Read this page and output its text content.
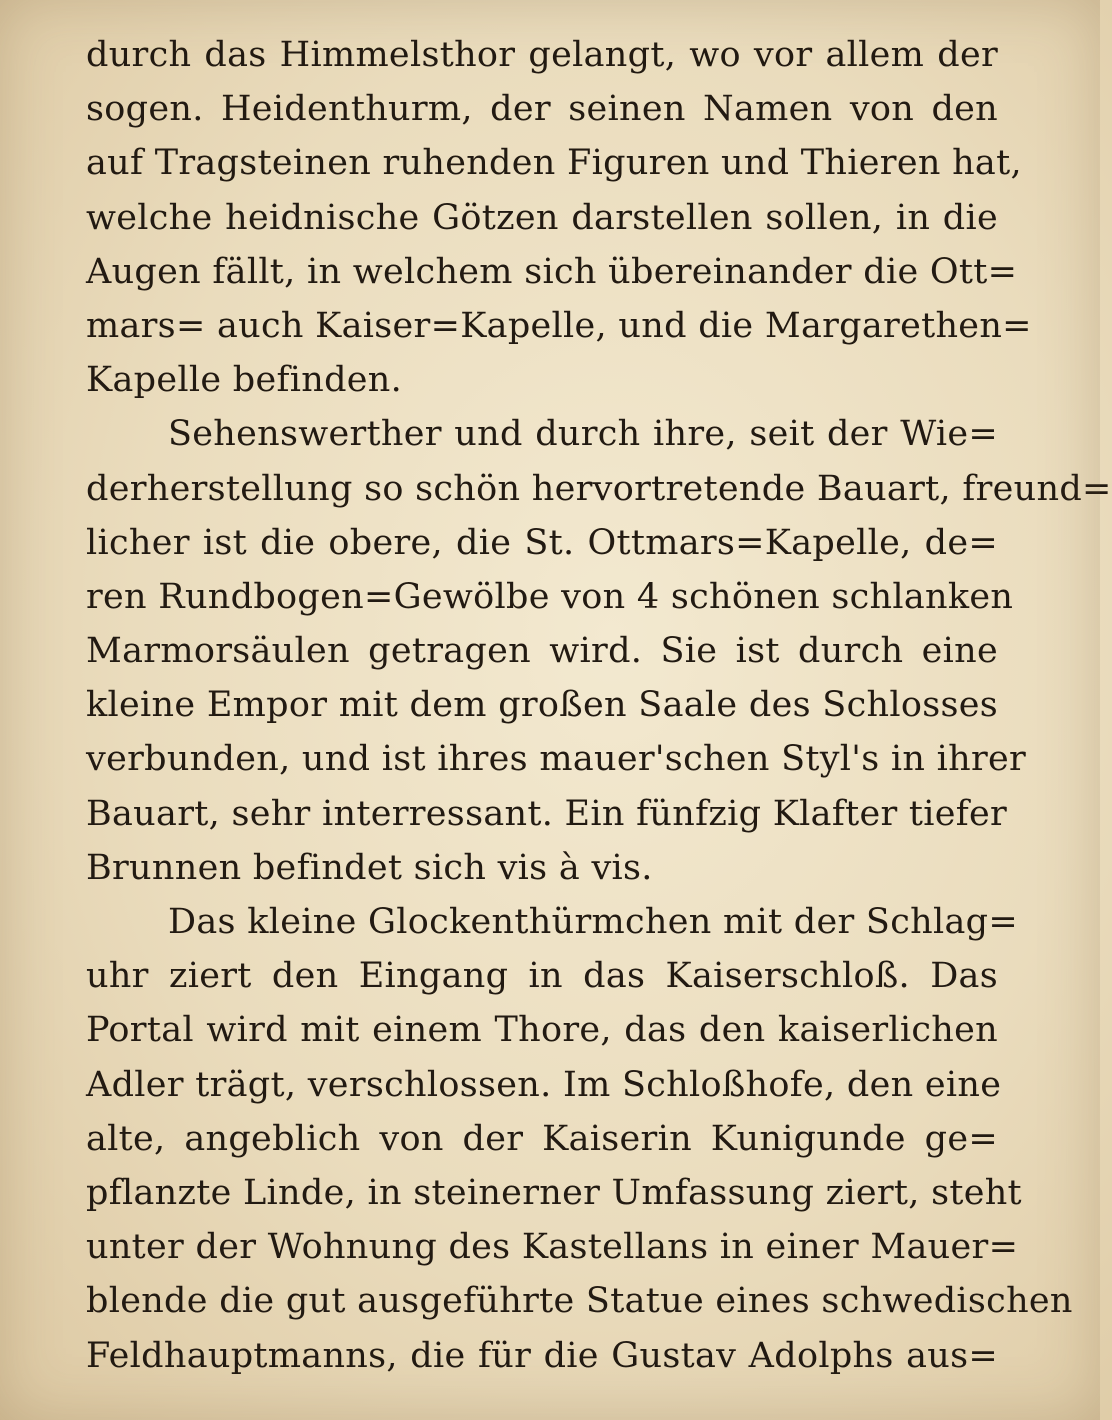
durch das Himmelsthor gelangt, wo vor allem der
sogen. Heidenthurm, der seinen Namen von den
auf Tragsteinen ruhenden Figuren und Thieren hat,
welche heidnische Götzen darstellen sollen, in die
Augen fällt, in welchem sich übereinander die Ott=
mars= auch Kaiser=Kapelle, und die Margarethen=
Kapelle befinden.
Sehenswerther und durch ihre, seit der Wie=
derherstellung so schön hervortretende Bauart, freund=
licher ist die obere, die St. Ottmars=Kapelle, de=
ren Rundbogen=Gewölbe von 4 schönen schlanken
Marmorsäulen getragen wird. Sie ist durch eine
kleine Empor mit dem großen Saale des Schlosses
verbunden, und ist ihres mauer'schen Styl's in ihrer
Bauart, sehr interressant. Ein fünfzig Klafter tiefer
Brunnen befindet sich vis à vis.
Das kleine Glockenthürmchen mit der Schlag=
uhr ziert den Eingang in das Kaiserschloß. Das
Portal wird mit einem Thore, das den kaiserlichen
Adler trägt, verschlossen. Im Schloßhofe, den eine
alte, angeblich von der Kaiserin Kunigunde ge=
pflanzte Linde, in steinerner Umfassung ziert, steht
unter der Wohnung des Kastellans in einer Mauer=
blende die gut ausgeführte Statue eines schwedischen
Feldhauptmanns, die für die Gustav Adolphs aus=
